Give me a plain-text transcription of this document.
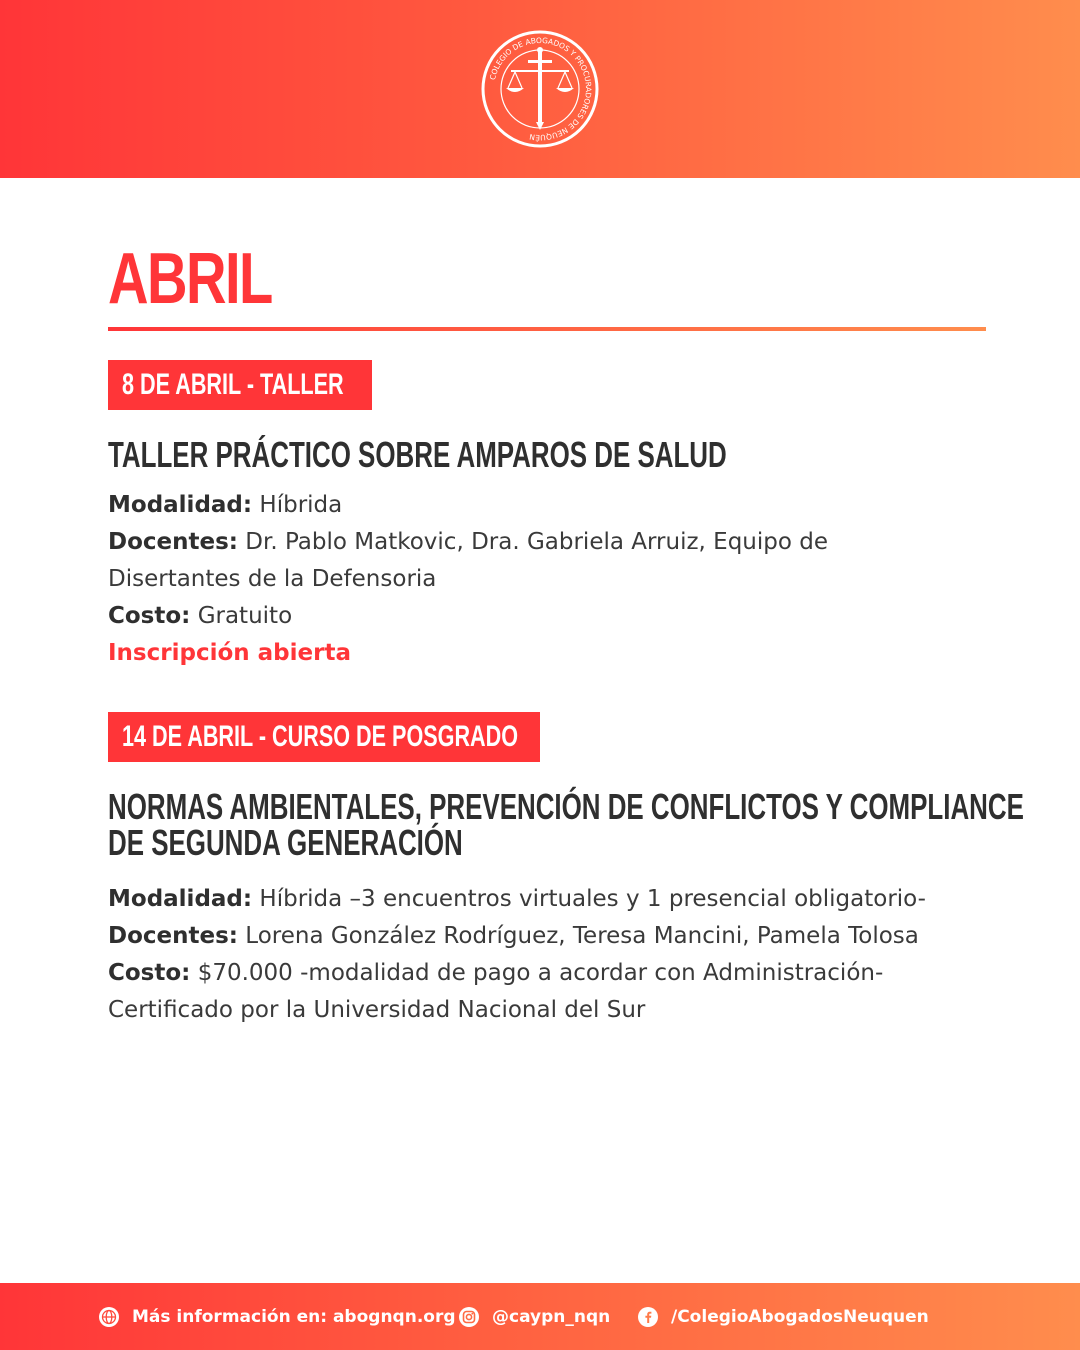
COLEGIO DE ABOGADOS Y PROCURADORES DE NEUQUÉN
ABRIL
8 DE ABRIL - TALLER
TALLER PRÁCTICO SOBRE AMPAROS DE SALUD

Modalidad: Híbrida

Docentes: Dr. Pablo Matkovic, Dra. Gabriela Arruiz, Equipo de

Disertantes de la Defensoria

Costo: Gratuito

Inscripción abierta

14 DE ABRIL - CURSO DE POSGRADO
NORMAS AMBIENTALES, PREVENCIÓN DE CONFLICTOS Y COMPLIANCE
DE SEGUNDA GENERACIÓN

Modalidad: Híbrida –3 encuentros virtuales y 1 presencial obligatorio-

Docentes: Lorena González Rodríguez, Teresa Mancini, Pamela Tolosa

Costo: $70.000 -modalidad de pago a acordar con Administración-

Certificado por la Universidad Nacional del Sur

Más información en: abognqn.org @caypn_nqn	/ColegioAbogadosNeuquen
